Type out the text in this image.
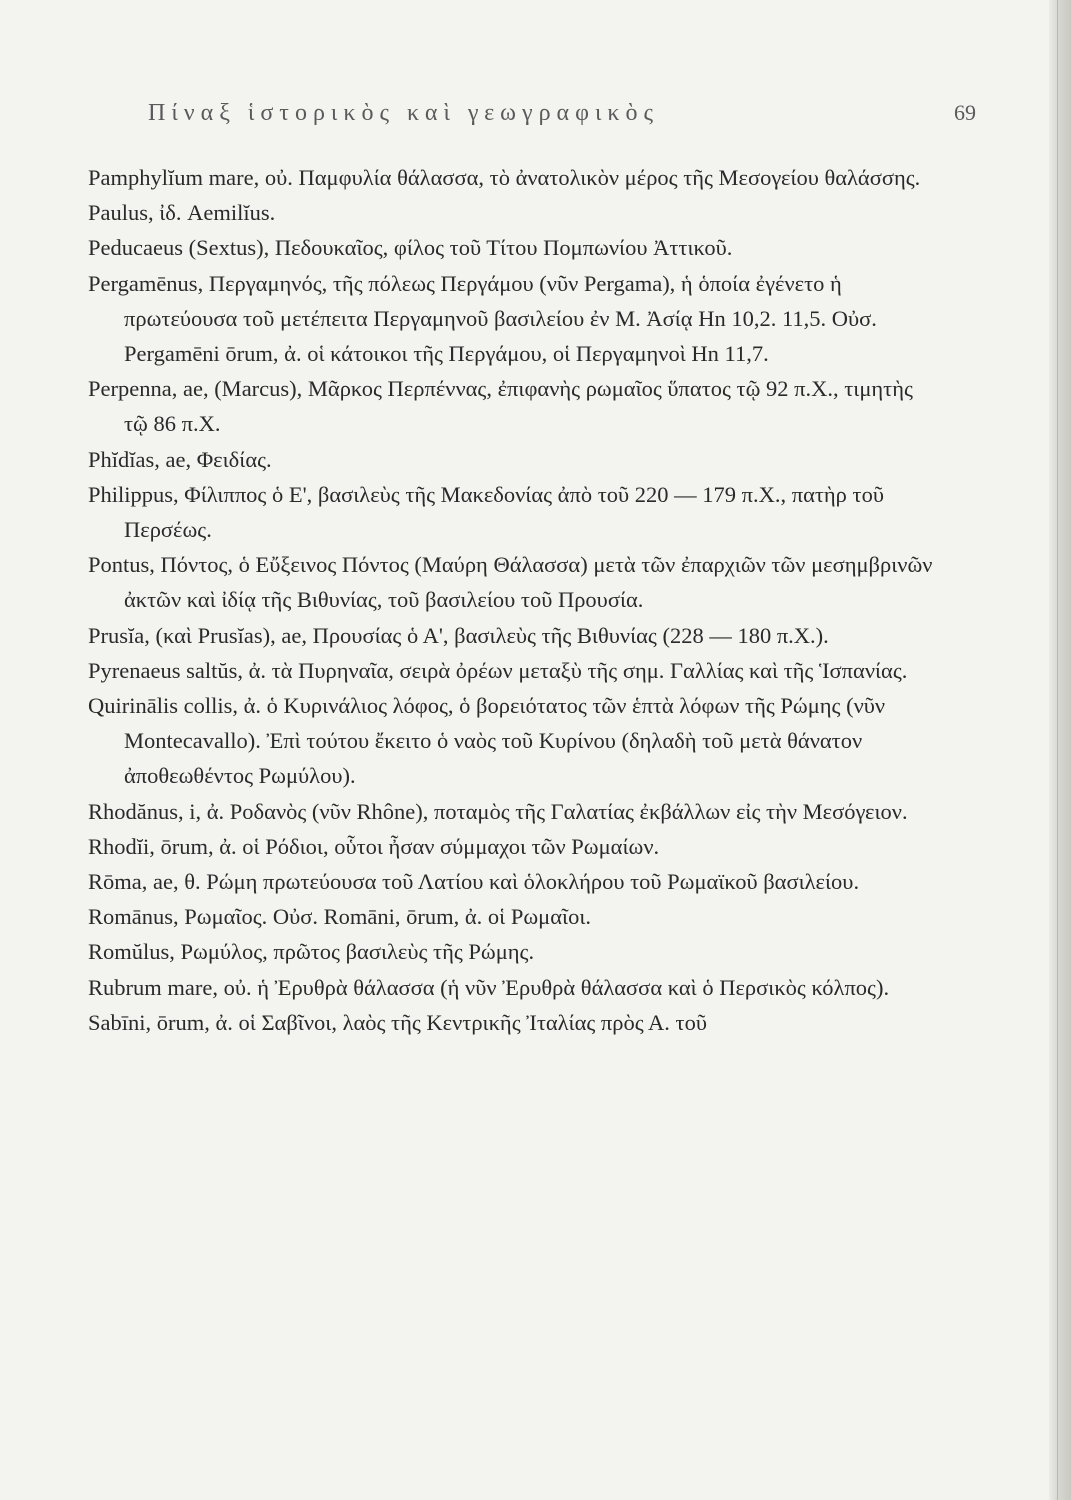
Πίναξ ἱστορικὸς καὶ γεωγραφικὸς	69
Pamphylĭum mare, οὐ. Παμφυλία θάλασσα, τὸ ἀνατολικὸν μέρος τῆς Μεσογείου θαλάσσης.
Paulus, ἰδ. Aemilĭus.
Peducaeus (Sextus), Πεδουκαῖος, φίλος τοῦ Τίτου Πομπωνίου Ἀττικοῦ.
Pergamēnus, Περγαμηνός, τῆς πόλεως Περγάμου (νῦν Pergama), ἡ ὁποία ἐγένετο ἡ πρωτεύουσα τοῦ μετέπειτα Περγαμηνοῦ βασιλείου ἐν Μ. Ἀσίᾳ Ηn 10,2. 11,5. Οὐσ. Pergamēni ōrum, ἀ. οἱ κάτοικοι τῆς Περγάμου, οἱ Περγαμηνοὶ Ηn 11,7.
Perpenna, ae, (Marcus), Μᾶρκος Περπέννας, ἐπιφανὴς ρωμαῖος ὕπατος τῷ 92 π.Χ., τιμητὴς τῷ 86 π.Χ.
Phĭdĭas, ae, Φειδίας.
Philippus, Φίλιππος ὁ Ε', βασιλεὺς τῆς Μακεδονίας ἀπὸ τοῦ 220 — 179 π.Χ., πατὴρ τοῦ Περσέως.
Pontus, Πόντος, ὁ Εὔξεινος Πόντος (Μαύρη Θάλασσα) μετὰ τῶν ἐπαρχιῶν τῶν μεσημβρινῶν ἀκτῶν καὶ ἰδίᾳ τῆς Βιθυνίας, τοῦ βασιλείου τοῦ Προυσία.
Prusĭa, (καὶ Prusĭas), ae, Προυσίας ὁ Α', βασιλεὺς τῆς Βιθυνίας (228 — 180 π.Χ.).
Pyrenaeus saltŭs, ἀ. τὰ Πυρηναῖα, σειρὰ ὀρέων μεταξὺ τῆς σημ. Γαλλίας καὶ τῆς Ἱσπανίας.
Quirinālis collis, ἀ. ὁ Κυρινάλιος λόφος, ὁ βορειότατος τῶν ἑπτὰ λόφων τῆς Ρώμης (νῦν Montecavallo). Ἐπὶ τούτου ἔκειτο ὁ ναὸς τοῦ Κυρίνου (δηλαδὴ τοῦ μετὰ θάνατον ἀποθεωθέντος Ρωμύλου).
Rhodănus, i, ἀ. Ροδανὸς (νῦν Rhône), ποταμὸς τῆς Γαλατίας ἐκβάλλων εἰς τὴν Μεσόγειον.
Rhodĭi, ōrum, ἀ. οἱ Ρόδιοι, οὗτοι ἦσαν σύμμαχοι τῶν Ρωμαίων.
Rōma, ae, θ. Ρώμη πρωτεύουσα τοῦ Λατίου καὶ ὁλοκλήρου τοῦ Ρωμαϊκοῦ βασιλείου.
Romānus, Ρωμαῖος. Οὐσ. Romāni, ōrum, ἀ. οἱ Ρωμαῖοι.
Romŭlus, Ρωμύλος, πρῶτος βασιλεὺς τῆς Ρώμης.
Rubrum mare, οὐ. ἡ Ἐρυθρὰ θάλασσα (ἡ νῦν Ἐρυθρὰ θάλασσα καὶ ὁ Περσικὸς κόλπος).
Sabīni, ōrum, ἀ. οἱ Σαβῖνοι, λαὸς τῆς Κεντρικῆς Ἰταλίας πρὸς Α. τοῦ
